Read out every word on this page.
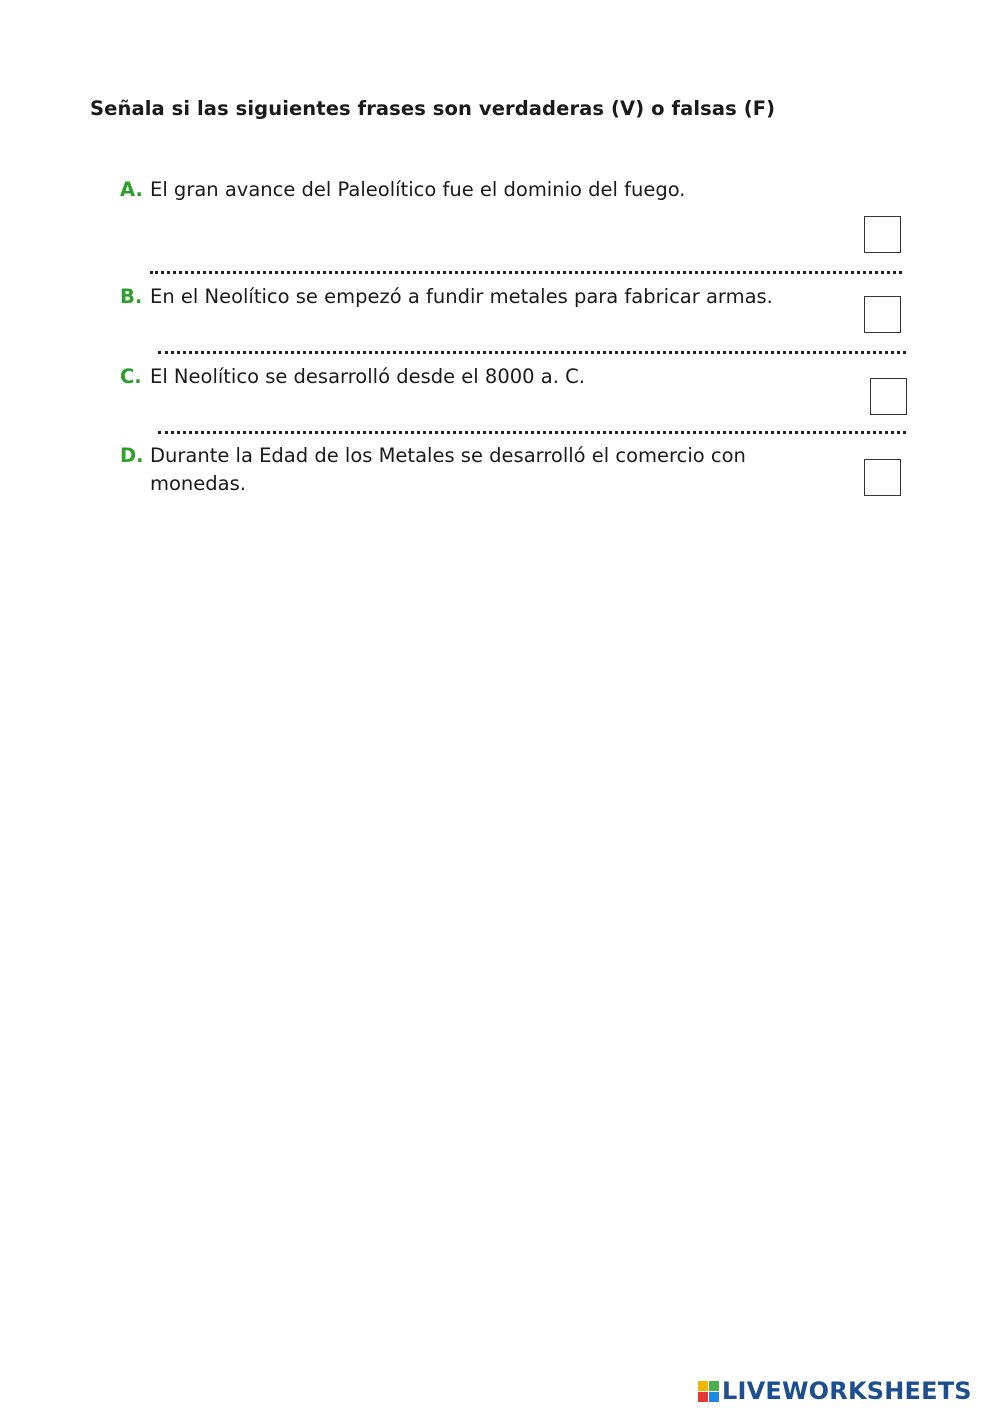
Señala si las siguientes frases son verdaderas (V) o falsas (F)
A. El gran avance del Paleolítico fue el dominio del fuego.
B. En el Neolítico se empezó a fundir metales para fabricar armas.
C. El Neolítico se desarrolló desde el 8000 a. C.
D. Durante la Edad de los Metales se desarrolló el comercio con monedas.
LIVEWORKSHEETS
